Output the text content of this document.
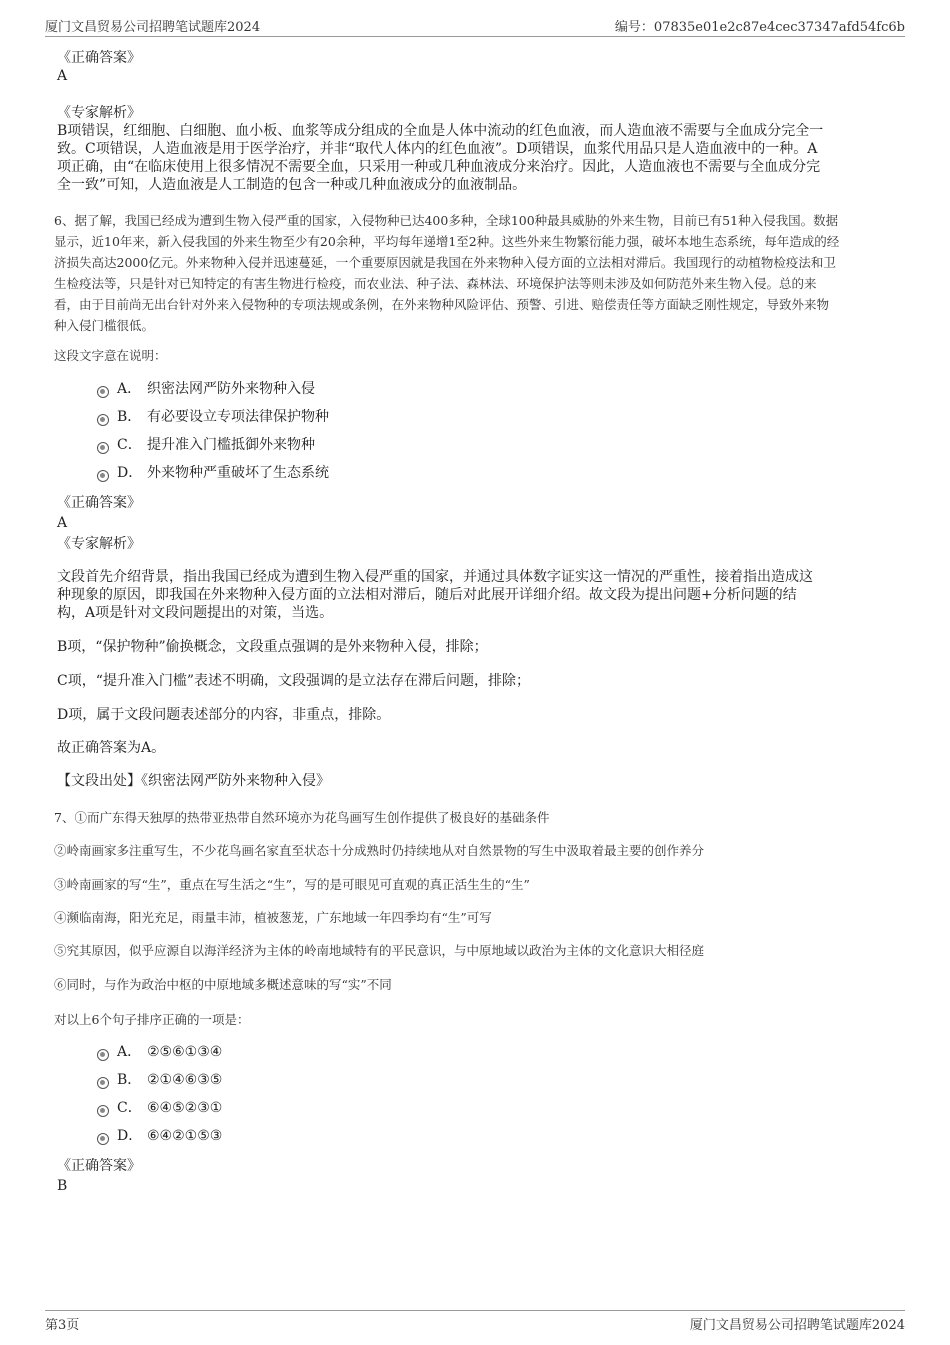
厦门文昌贸易公司招聘笔试题库2024	编号：07835e01e2c87e4cec37347afd54fc6b
《正确答案》
A
《专家解析》
B项错误，红细胞、白细胞、血小板、血浆等成分组成的全血是人体中流动的红色血液，而人造血液不需要与全血成分完全一
致。C项错误，人造血液是用于医学治疗，并非“取代人体内的红色血液”。D项错误，血浆代用品只是人造血液中的一种。A
项正确，由“在临床使用上很多情况不需要全血，只采用一种或几种血液成分来治疗。因此，人造血液也不需要与全血成分完
全一致”可知，人造血液是人工制造的包含一种或几种血液成分的血液制品。
6、据了解，我国已经成为遭到生物入侵严重的国家，入侵物种已达400多种，全球100种最具威胁的外来生物，目前已有51种入侵我国。数据
显示，近10年来，新入侵我国的外来生物至少有20余种，平均每年递增1至2种。这些外来生物繁衍能力强，破坏本地生态系统，每年造成的经
济损失高达2000亿元。外来物种入侵并迅速蔓延，一个重要原因就是我国在外来物种入侵方面的立法相对滞后。我国现行的动植物检疫法和卫
生检疫法等，只是针对已知特定的有害生物进行检疫，而农业法、种子法、森林法、环境保护法等则未涉及如何防范外来生物入侵。总的来
看，由于目前尚无出台针对外来入侵物种的专项法规或条例，在外来物种风险评估、预警、引进、赔偿责任等方面缺乏刚性规定，导致外来物
种入侵门槛很低。
这段文字意在说明：
A． 织密法网严防外来物种入侵
B． 有必要设立专项法律保护物种
C． 提升准入门槛抵御外来物种
D． 外来物种严重破坏了生态系统
《正确答案》
A
《专家解析》
文段首先介绍背景，指出我国已经成为遭到生物入侵严重的国家，并通过具体数字证实这一情况的严重性，接着指出造成这
种现象的原因，即我国在外来物种入侵方面的立法相对滞后，随后对此展开详细介绍。故文段为提出问题+分析问题的结
构，A项是针对文段问题提出的对策，当选。
B项，“保护物种”偷换概念，文段重点强调的是外来物种入侵，排除；
C项，“提升准入门槛”表述不明确，文段强调的是立法存在滞后问题，排除；
D项，属于文段问题表述部分的内容，非重点，排除。
故正确答案为A。
【文段出处】《织密法网严防外来物种入侵》
7、①而广东得天独厚的热带亚热带自然环境亦为花鸟画写生创作提供了极良好的基础条件
②岭南画家多注重写生，不少花鸟画名家直至状态十分成熟时仍持续地从对自然景物的写生中汲取着最主要的创作养分
③岭南画家的写“生”，重点在写生活之“生”，写的是可眼见可直观的真正活生生的“生”
④濒临南海，阳光充足，雨量丰沛，植被葱茏，广东地域一年四季均有“生”可写
⑤究其原因，似乎应源自以海洋经济为主体的岭南地域特有的平民意识，与中原地域以政治为主体的文化意识大相径庭
⑥同时，与作为政治中枢的中原地域多概述意味的写“实”不同
对以上6个句子排序正确的一项是：
A． ②⑤⑥①③④
B． ②①④⑥③⑤
C． ⑥④⑤②③①
D． ⑥④②①⑤③
《正确答案》
B
第3页	厦门文昌贸易公司招聘笔试题库2024
